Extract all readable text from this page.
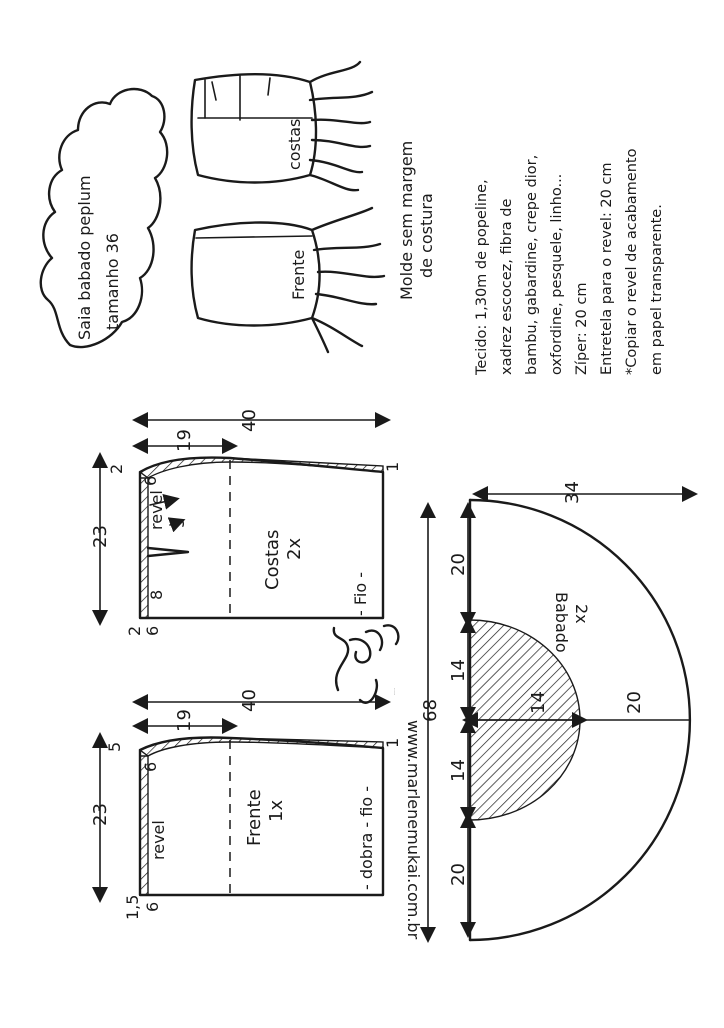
Saia babado peplum tamanho 36
costas
Frente	Molde sem margem de costura	Tecido: 1,30m de popeline, xadrez escocez, fibra de bambu, gabardine, crepe dior, oxfordine, pesquele, linho... Zíper: 20 cm Entretela para o revel: 20 cm *Copiar o revel de acabamento em papel transparente.
40
19
23
2	1
6
revel 3
8
2 6
Costas 2x
- Fio -
40
19
23
5	1
6
revel
1,5 6
Frente 1x	- dobra - fio -
Marlene Mukai
www.marlenemukai.com.br
68
20
14
14
20
14	20
34
Babado 2x
